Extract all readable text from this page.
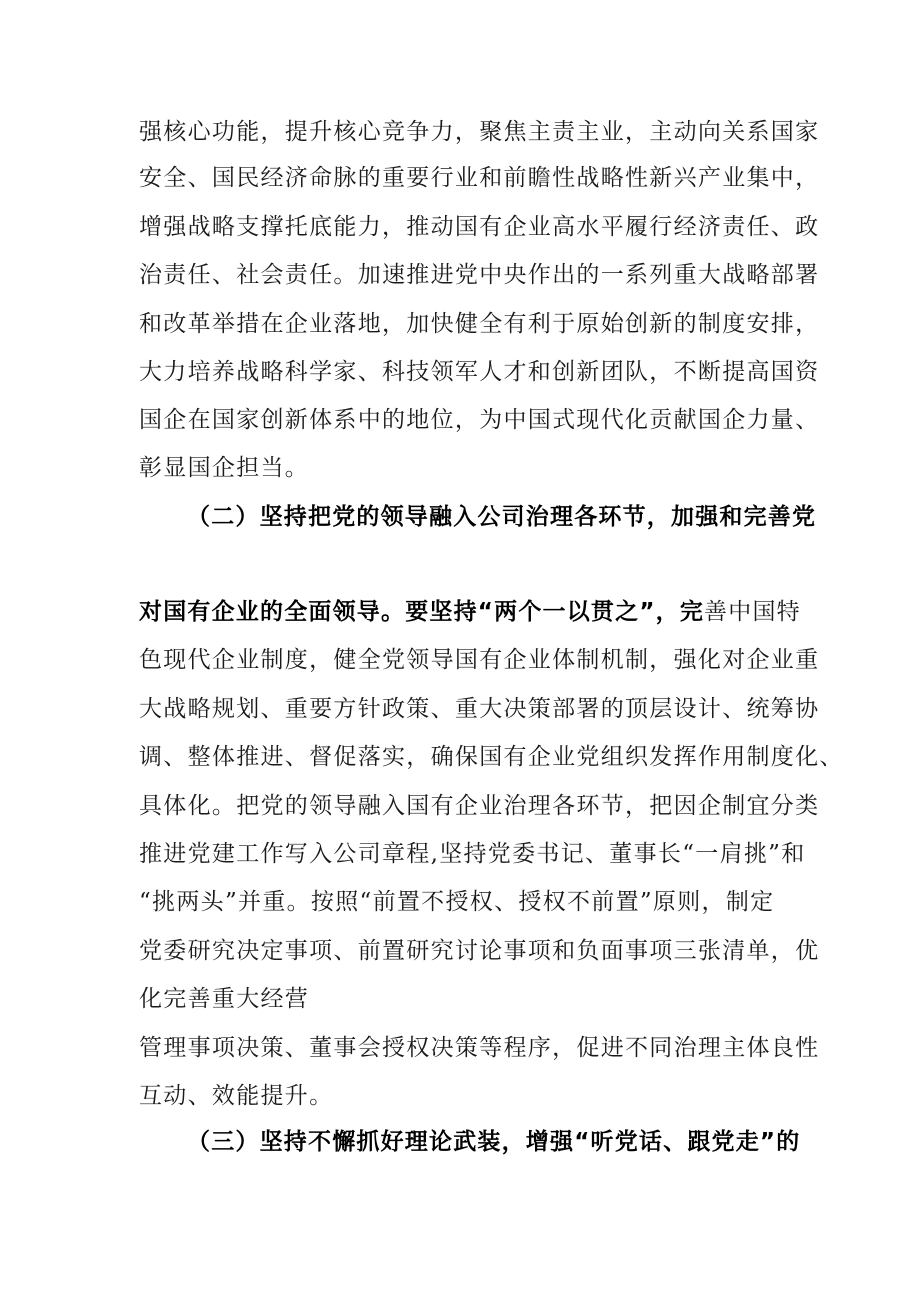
强核心功能，提升核心竞争力，聚焦主责主业，主动向关系国家

安全、国民经济命脉的重要行业和前瞻性战略性新兴产业集中，

增强战略支撑托底能力，推动国有企业高水平履行经济责任、政

治责任、社会责任。加速推进党中央作出的一系列重大战略部署

和改革举措在企业落地，加快健全有利于原始创新的制度安排，

大力培养战略科学家、科技领军人才和创新团队，不断提高国资

国企在国家创新体系中的地位，为中国式现代化贡献国企力量、

彰显国企担当。

（二）坚持把党的领导融入公司治理各环节，加强和完善党

对国有企业的全面领导。要坚持“两个一以贯之”，完善中国特

色现代企业制度，健全党领导国有企业体制机制，强化对企业重

大战略规划、重要方针政策、重大决策部署的顶层设计、统筹协

调、整体推进、督促落实，确保国有企业党组织发挥作用制度化、

具体化。把党的领导融入国有企业治理各环节，把因企制宜分类

推进党建工作写入公司章程,坚持党委书记、董事长“一肩挑”和

“挑两头”并重。按照“前置不授权、授权不前置”原则，制定

党委研究决定事项、前置研究讨论事项和负面事项三张清单，优

化完善重大经营

管理事项决策、董事会授权决策等程序，促进不同治理主体良性

互动、效能提升。

（三）坚持不懈抓好理论武装，增强“听党话、跟党走”的
